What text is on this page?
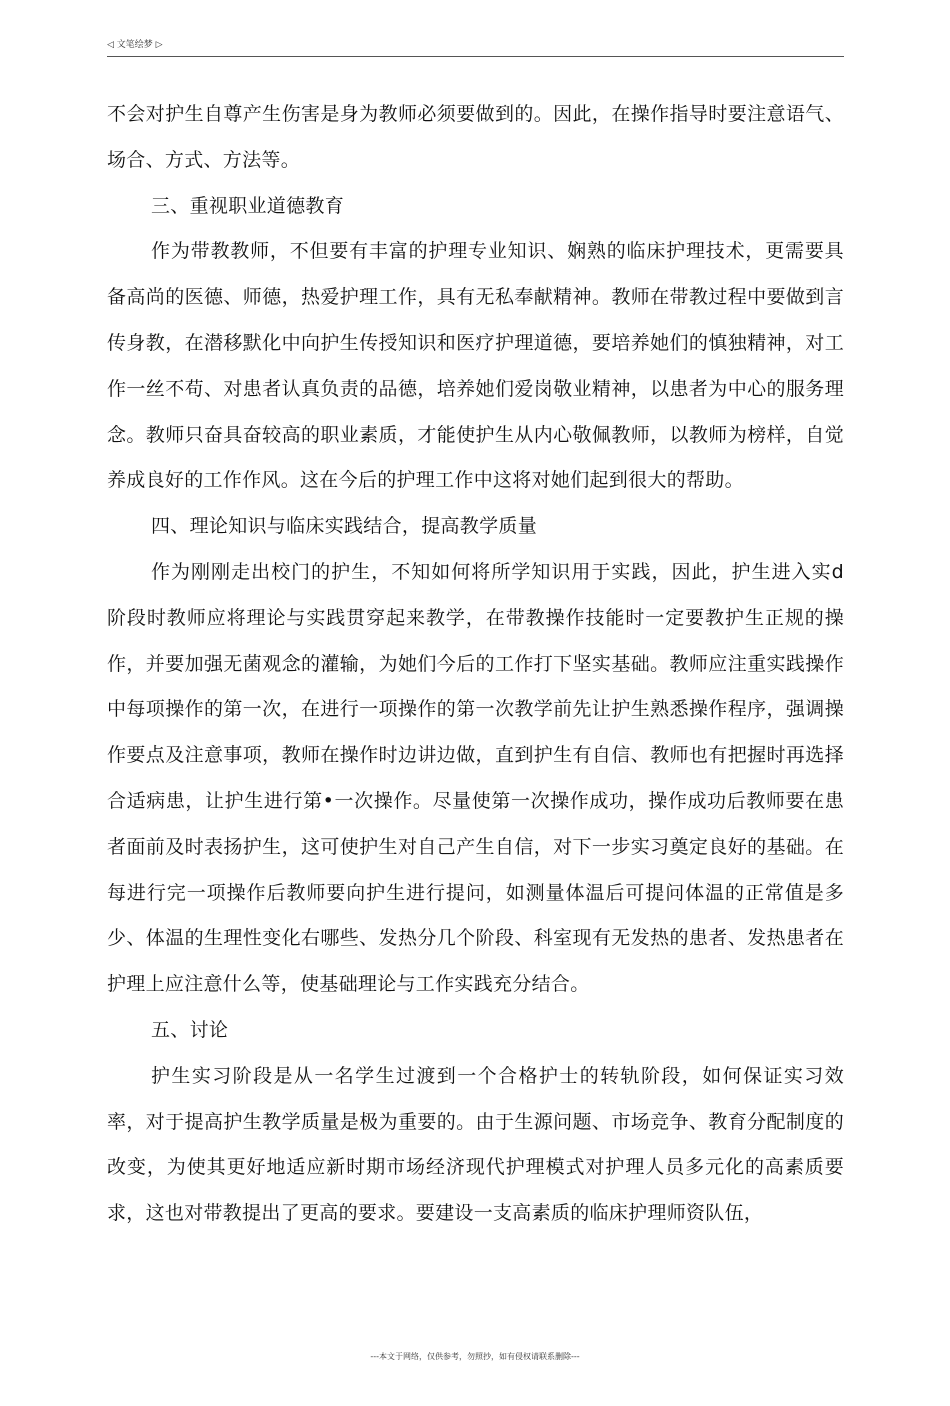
◁ 文笔绘梦 ▷

不会对护生自尊产生伤害是身为教师必须要做到的。因此，在操作指导时要注意语气、场合、方式、方法等。

三、重视职业道德教育

作为带教教师，不但要有丰富的护理专业知识、娴熟的临床护理技术，更需要具备高尚的医德、师德，热爱护理工作，具有无私奉献精神。教师在带教过程中要做到言传身教，在潜移默化中向护生传授知识和医疗护理道德，要培养她们的慎独精神，对工作一丝不苟、对患者认真负责的品德，培养她们爱岗敬业精神，以患者为中心的服务理念。教师只奋具奋较高的职业素质，才能使护生从内心敬佩教师，以教师为榜样，自觉养成良好的工作作风。这在今后的护理工作中这将对她们起到很大的帮助。

四、理论知识与临床实践结合，提高教学质量

作为刚刚走出校门的护生，不知如何将所学知识用于实践，因此，护生进入实d 阶段时教师应将理论与实践贯穿起来教学，在带教操作技能时一定要教护生正规的操作，并要加强无菌观念的灌输，为她们今后的工作打下坚实基础。教师应注重实践操作中每项操作的第一次，在进行一项操作的第一次教学前先让护生熟悉操作程序，强调操作要点及注意事项，教师在操作时边讲边做，直到护生有自信、教师也有把握时再选择合适病患，让护生进行第•一次操作。尽量使第一次操作成功，操作成功后教师要在患者面前及时表扬护生，这可使护生对自己产生自信，对下一步实习奠定良好的基础。在每进行完一项操作后教师要向护生进行提问，如测量体温后可提问体温的正常值是多少、体温的生理性变化右哪些、发热分几个阶段、科室现有无发热的患者、发热患者在护理上应注意什么等，使基础理论与工作实践充分结合。

五、讨论

护生实习阶段是从一名学生过渡到一个合格护士的转轨阶段，如何保证实习效率，对于提高护生教学质量是极为重要的。由于生源问题、市场竞争、教育分配制度的改变，为使其更好地适应新时期市场经济现代护理模式对护理人员多元化的高素质要求，这也对带教提出了更高的要求。要建设一支高素质的临床护理师资队伍，

---本文于网络，仅供参考，勿照抄，如有侵权请联系删除---
